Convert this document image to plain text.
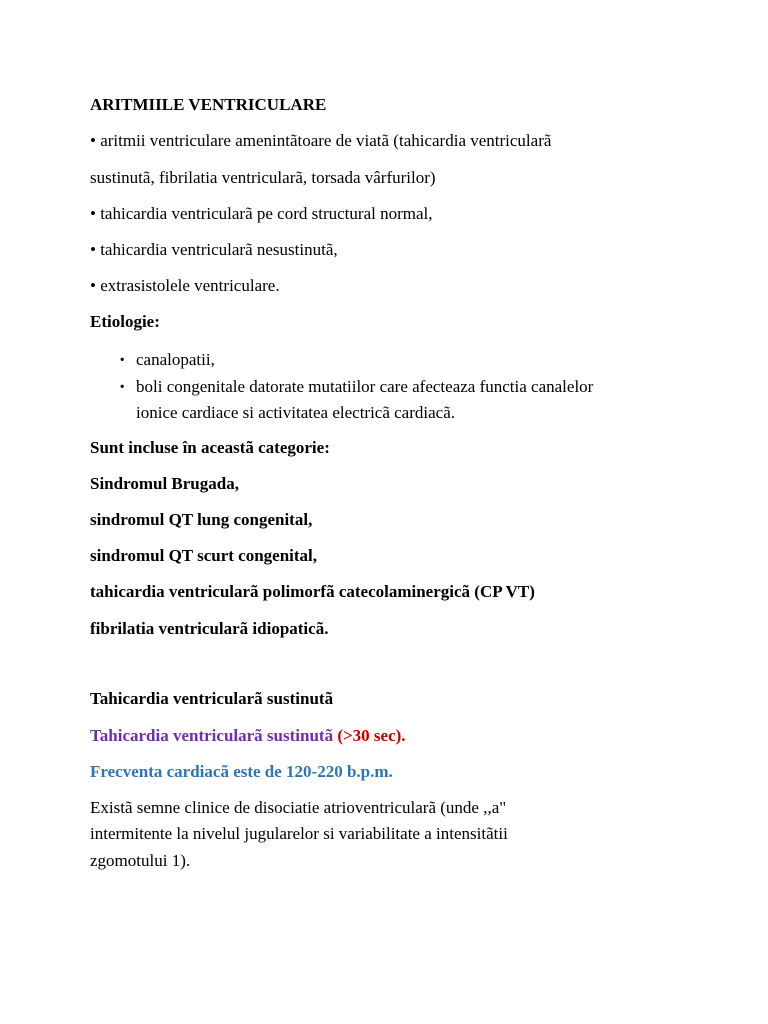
ARITMIILE VENTRICULARE
• aritmii ventriculare amenintãtoare de viatã (tahicardia ventricularã
sustinutã, fibrilatia ventricularã, torsada vârfurilor)
• tahicardia ventricularã pe cord structural normal,
• tahicardia ventricularã nesustinutã,
• extrasistolele ventriculare.
Etiologie:
●
canalopatii,
●
boli congenitale datorate mutatiilor care afecteaza functia canalelor
ionice cardiace si activitatea electricã cardiacã.
Sunt incluse în aceastã categorie:
Sindromul Brugada,
sindromul QT lung congenital,
sindromul QT scurt congenital,
tahicardia ventricularã polimorfã catecolaminergicã (CP VT)
fibrilatia ventricularã idiopaticã.
Tahicardia ventricularã sustinutã
Tahicardia ventricularã sustinutã (>30 sec).
Frecventa cardiacã este de 120-220 b.p.m.
Existã semne clinice de disociatie atrioventricularã (unde ,,a"
intermitente la nivelul jugularelor si variabilitate a intensitãtii
zgomotului 1).
